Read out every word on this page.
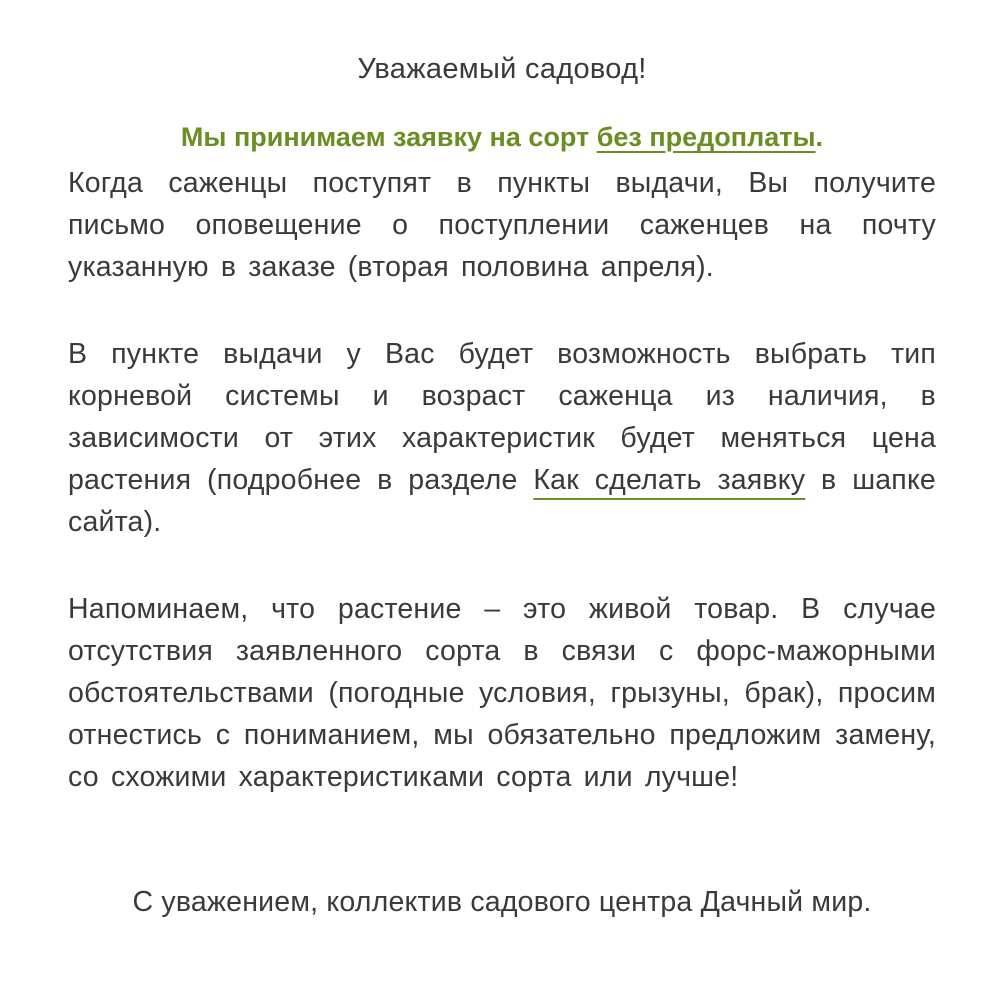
Уважаемый садовод!

Мы принимаем заявку на сорт без предоплаты.

Когда саженцы поступят в пункты выдачи, Вы получите письмо оповещение о поступлении саженцев на почту указанную в заказе (вторая половина апреля).

В пункте выдачи у Вас будет возможность выбрать тип корневой системы и возраст саженца из наличия, в зависимости от этих характеристик будет меняться цена растения (подробнее в разделе Как сделать заявку в шапке сайта).

Напоминаем, что растение – это живой товар. В случае отсутствия заявленного сорта в связи с форс-мажорными обстоятельствами (погодные условия, грызуны, брак), просим отнестись с пониманием, мы обязательно предложим замену, со схожими характеристиками сорта или лучше!

С уважением, коллектив садового центра Дачный мир.
